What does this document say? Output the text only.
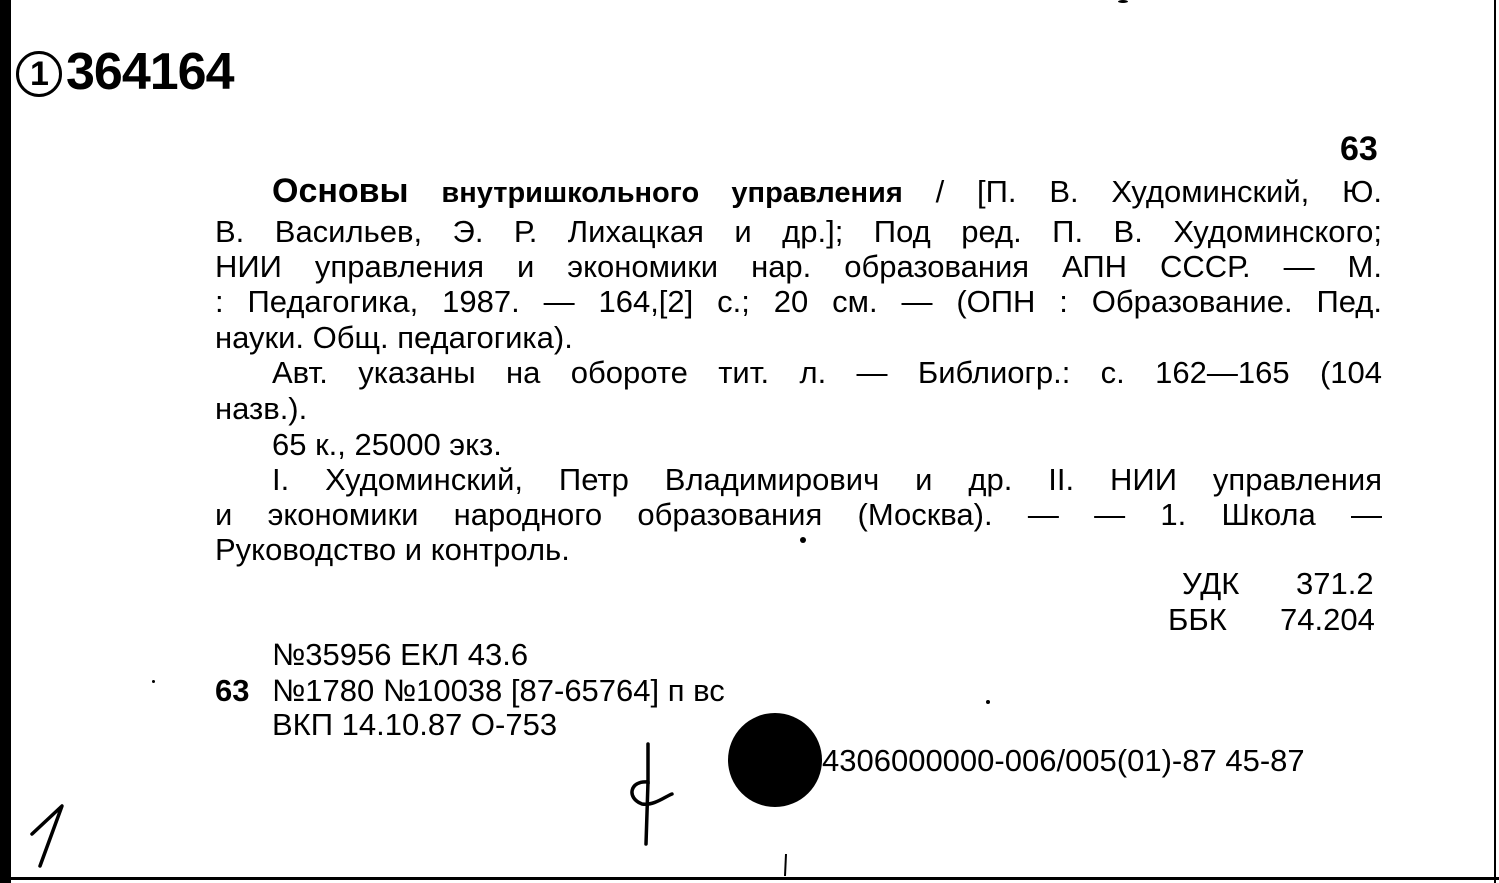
1 364164
63
Основы внутришкольного управления / [П. В. Худоминский, Ю.
В. Васильев, Э. Р. Лихацкая и др.]; Под ред. П. В. Худоминского;
НИИ управления и экономики нар. образования АПН СССР. — М.
: Педагогика, 1987. — 164,[2] с.; 20 см. — (ОПН : Образование. Пед.
науки. Общ. педагогика).
Авт. указаны на обороте тит. л. — Библиогр.: с. 162—165 (104
назв.).
65 к., 25000 экз.
I. Худоминский, Петр Владимирович и др. II. НИИ управления
и экономики народного образования (Москва). — — 1. Школа —
Руководство и контроль.
УДК 371.2
ББК 74.204
№35956 ЕКЛ 43.6
63 №1780 №10038 [87-65764] п вс
ВКП 14.10.87 О-753
4306000000-006/005(01)-87 45-87
